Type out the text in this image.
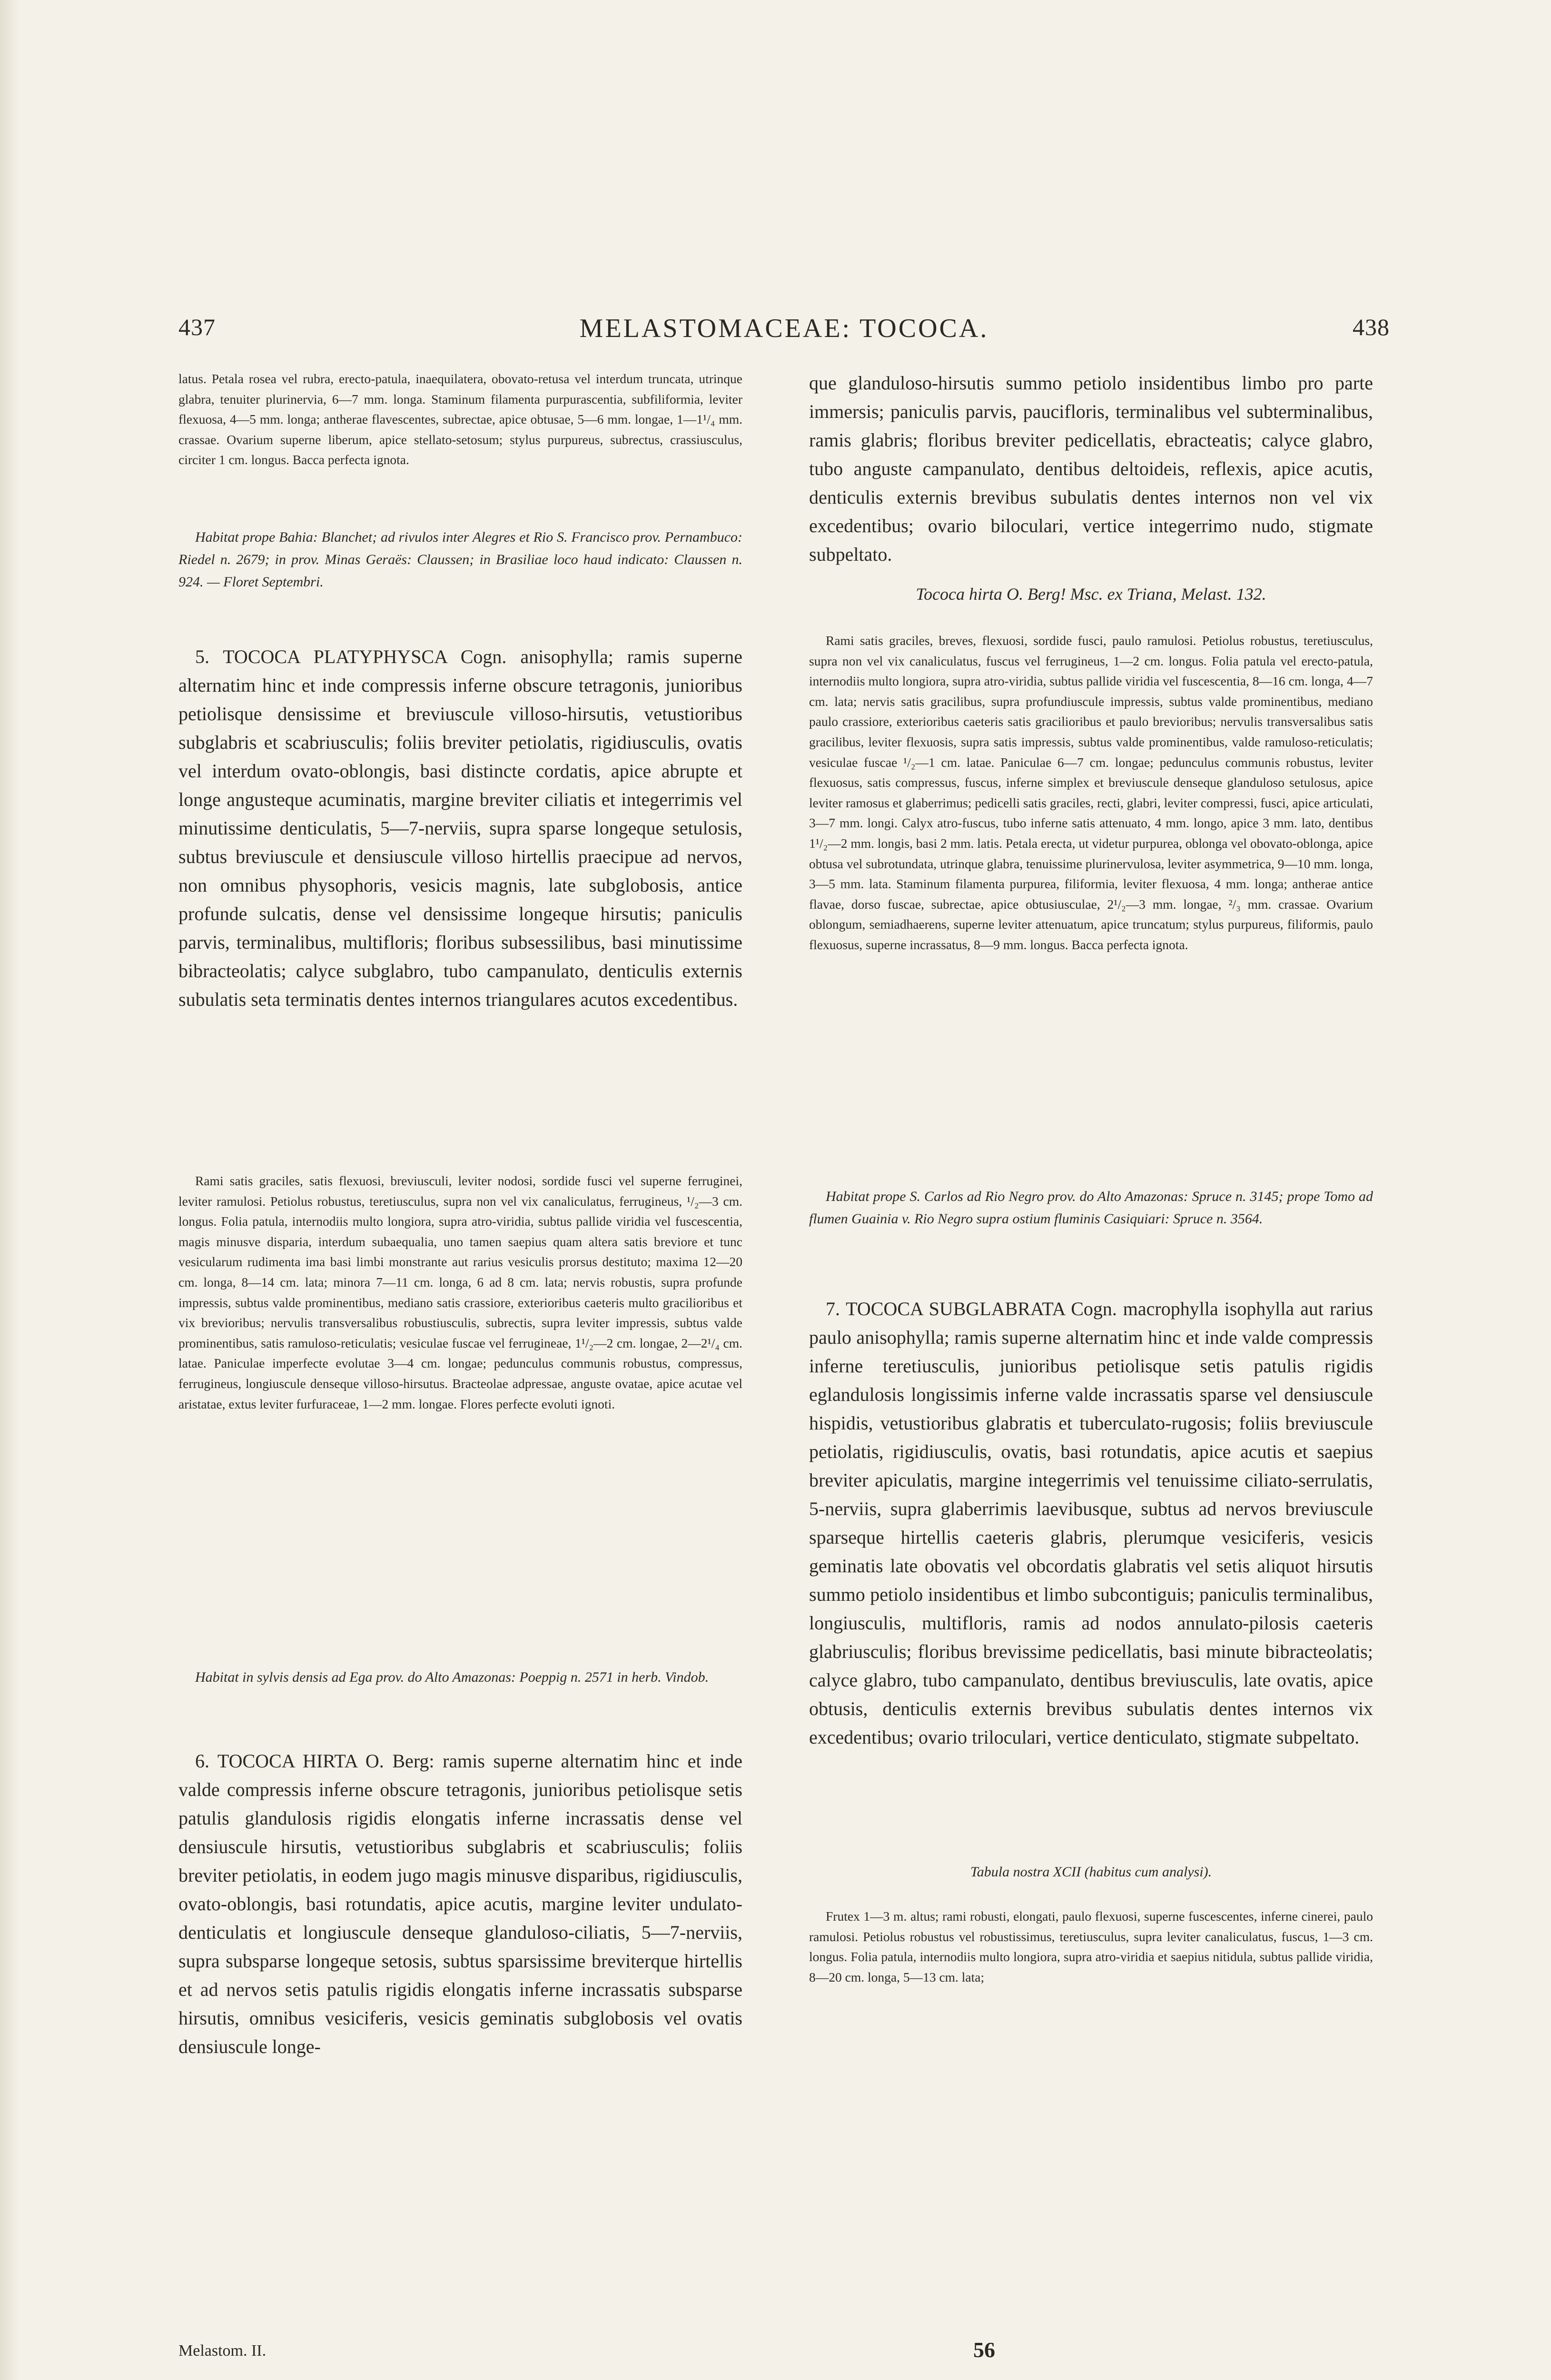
437	MELASTOMACEAE: TOCOCA.	438

latus. Petala rosea vel rubra, erecto-patula, inaequilatera, obovato-retusa vel interdum truncata, utrinque glabra, tenuiter plurinervia, 6—7 mm. longa. Staminum filamenta purpurascentia, subfiliformia, leviter flexuosa, 4—5 mm. longa; antherae flavescentes, subrectae, apice obtusae, 5—6 mm. longae, 1—1¹/₄ mm. crassae. Ovarium superne liberum, apice stellato-setosum; stylus purpureus, subrectus, crassiusculus, circiter 1 cm. longus. Bacca perfecta ignota.

Habitat prope Bahia: Blanchet; ad rivulos inter Alegres et Rio S. Francisco prov. Pernambuco: Riedel n. 2679; in prov. Minas Geraës: Claussen; in Brasiliae loco haud indicato: Claussen n. 924. — Floret Septembri.

5. TOCOCA PLATYPHYSCA Cogn. anisophylla; ramis superne alternatim hinc et inde compressis inferne obscure tetragonis, junioribus petiolisque densissime et breviuscule villoso-hirsutis, vetustioribus subglabris et scabriusculis; foliis breviter petiolatis, rigidiusculis, ovatis vel interdum ovato-oblongis, basi distincte cordatis, apice abrupte et longe angusteque acuminatis, margine breviter ciliatis et integerrimis vel minutissime denticulatis, 5—7-nerviis, supra sparse longeque setulosis, subtus breviuscule et densiuscule villoso hirtellis praecipue ad nervos, non omnibus physophoris, vesicis magnis, late subglobosis, antice profunde sulcatis, dense vel densissime longeque hirsutis; paniculis parvis, terminalibus, multifloris; floribus subsessilibus, basi minutissime bibracteolatis; calyce subglabro, tubo campanulato, denticulis externis subulatis seta terminatis dentes internos triangulares acutos excedentibus.

Rami satis graciles, satis flexuosi, breviusculi, leviter nodosi, sordide fusci vel superne ferruginei, leviter ramulosi. Petiolus robustus, teretiusculus, supra non vel vix canaliculatus, ferrugineus, ¹/₂—3 cm. longus. Folia patula, internodiis multo longiora, supra atro-viridia, subtus pallide viridia vel fuscescentia, magis minusve disparia, interdum subaequalia, uno tamen saepius quam altera satis breviore et tunc vesicularum rudimenta ima basi limbi monstrante aut rarius vesiculis prorsus destituto; maxima 12—20 cm. longa, 8—14 cm. lata; minora 7—11 cm. longa, 6 ad 8 cm. lata; nervis robustis, supra profunde impressis, subtus valde prominentibus, mediano satis crassiore, exterioribus caeteris multo gracilioribus et vix brevioribus; nervulis transversalibus robustiusculis, subrectis, supra leviter impressis, subtus valde prominentibus, satis ramuloso-reticulatis; vesiculae fuscae vel ferrugineae, 1¹/₂—2 cm. longae, 2—2¹/₄ cm. latae. Paniculae imperfecte evolutae 3—4 cm. longae; pedunculus communis robustus, compressus, ferrugineus, longiuscule denseque villoso-hirsutus. Bracteolae adpressae, anguste ovatae, apice acutae vel aristatae, extus leviter furfuraceae, 1—2 mm. longae. Flores perfecte evoluti ignoti.

Habitat in sylvis densis ad Ega prov. do Alto Amazonas: Poeppig n. 2571 in herb. Vindob.

6. TOCOCA HIRTA O. Berg: ramis superne alternatim hinc et inde valde compressis inferne obscure tetragonis, junioribus petiolisque setis patulis glandulosis rigidis elongatis inferne incrassatis dense vel densiuscule hirsutis, vetustioribus subglabris et scabriusculis; foliis breviter petiolatis, in eodem jugo magis minusve disparibus, rigidiusculis, ovato-oblongis, basi rotundatis, apice acutis, margine leviter undulato-denticulatis et longiuscule denseque glanduloso-ciliatis, 5—7-nerviis, supra subsparse longeque setosis, subtus sparsissime breviterque hirtellis et ad nervos setis patulis rigidis elongatis inferne incrassatis subsparse hirsutis, omnibus vesiciferis, vesicis geminatis subglobosis vel ovatis densiuscule longe-

que glanduloso-hirsutis summo petiolo insidentibus limbo pro parte immersis; paniculis parvis, paucifloris, terminalibus vel subterminalibus, ramis glabris; floribus breviter pedicellatis, ebracteatis; calyce glabro, tubo anguste campanulato, dentibus deltoideis, reflexis, apice acutis, denticulis externis brevibus subulatis dentes internos non vel vix excedentibus; ovario biloculari, vertice integerrimo nudo, stigmate subpeltato.

Tococa hirta O. Berg! Msc. ex Triana, Melast. 132.

Rami satis graciles, breves, flexuosi, sordide fusci, paulo ramulosi. Petiolus robustus, teretiusculus, supra non vel vix canaliculatus, fuscus vel ferrugineus, 1—2 cm. longus. Folia patula vel erecto-patula, internodiis multo longiora, supra atro-viridia, subtus pallide viridia vel fuscescentia, 8—16 cm. longa, 4—7 cm. lata; nervis satis gracilibus, supra profundiuscule impressis, subtus valde prominentibus, mediano paulo crassiore, exterioribus caeteris satis gracilioribus et paulo brevioribus; nervulis transversalibus satis gracilibus, leviter flexuosis, supra satis impressis, subtus valde prominentibus, valde ramuloso-reticulatis; vesiculae fuscae ¹/₂—1 cm. latae. Paniculae 6—7 cm. longae; pedunculus communis robustus, leviter flexuosus, satis compressus, fuscus, inferne simplex et breviuscule denseque glanduloso setulosus, apice leviter ramosus et glaberrimus; pedicelli satis graciles, recti, glabri, leviter compressi, fusci, apice articulati, 3—7 mm. longi. Calyx atro-fuscus, tubo inferne satis attenuato, 4 mm. longo, apice 3 mm. lato, dentibus 1¹/₂—2 mm. longis, basi 2 mm. latis. Petala erecta, ut videtur purpurea, oblonga vel obovato-oblonga, apice obtusa vel subrotundata, utrinque glabra, tenuissime plurinervulosa, leviter asymmetrica, 9—10 mm. longa, 3—5 mm. lata. Staminum filamenta purpurea, filiformia, leviter flexuosa, 4 mm. longa; antherae antice flavae, dorso fuscae, subrectae, apice obtusiusculae, 2¹/₂—3 mm. longae, ²/₃ mm. crassae. Ovarium oblongum, semiadhaerens, superne leviter attenuatum, apice truncatum; stylus purpureus, filiformis, paulo flexuosus, superne incrassatus, 8—9 mm. longus. Bacca perfecta ignota.

Habitat prope S. Carlos ad Rio Negro prov. do Alto Amazonas: Spruce n. 3145; prope Tomo ad flumen Guainia v. Rio Negro supra ostium fluminis Casiquiari: Spruce n. 3564.

7. TOCOCA SUBGLABRATA Cogn. macrophylla isophylla aut rarius paulo anisophylla; ramis superne alternatim hinc et inde valde compressis inferne teretiusculis, junioribus petiolisque setis patulis rigidis eglandulosis longissimis inferne valde incrassatis sparse vel densiuscule hispidis, vetustioribus glabratis et tuberculato-rugosis; foliis breviuscule petiolatis, rigidiusculis, ovatis, basi rotundatis, apice acutis et saepius breviter apiculatis, margine integerrimis vel tenuissime ciliato-serrulatis, 5-nerviis, supra glaberrimis laevibusque, subtus ad nervos breviuscule sparseque hirtellis caeteris glabris, plerumque vesiciferis, vesicis geminatis late obovatis vel obcordatis glabratis vel setis aliquot hirsutis summo petiolo insidentibus et limbo subcontiguis; paniculis terminalibus, longiusculis, multifloris, ramis ad nodos annulato-pilosis caeteris glabriusculis; floribus brevissime pedicellatis, basi minute bibracteolatis; calyce glabro, tubo campanulato, dentibus breviusculis, late ovatis, apice obtusis, denticulis externis brevibus subulatis dentes internos vix excedentibus; ovario triloculari, vertice denticulato, stigmate subpeltato.

Tabula nostra XCII (habitus cum analysi).

Frutex 1—3 m. altus; rami robusti, elongati, paulo flexuosi, superne fuscescentes, inferne cinerei, paulo ramulosi. Petiolus robustus vel robustissimus, teretiusculus, supra leviter canaliculatus, fuscus, 1—3 cm. longus. Folia patula, internodiis multo longiora, supra atro-viridia et saepius nitidula, subtus pallide viridia, 8—20 cm. longa, 5—13 cm. lata;

Melastom. II.	56
